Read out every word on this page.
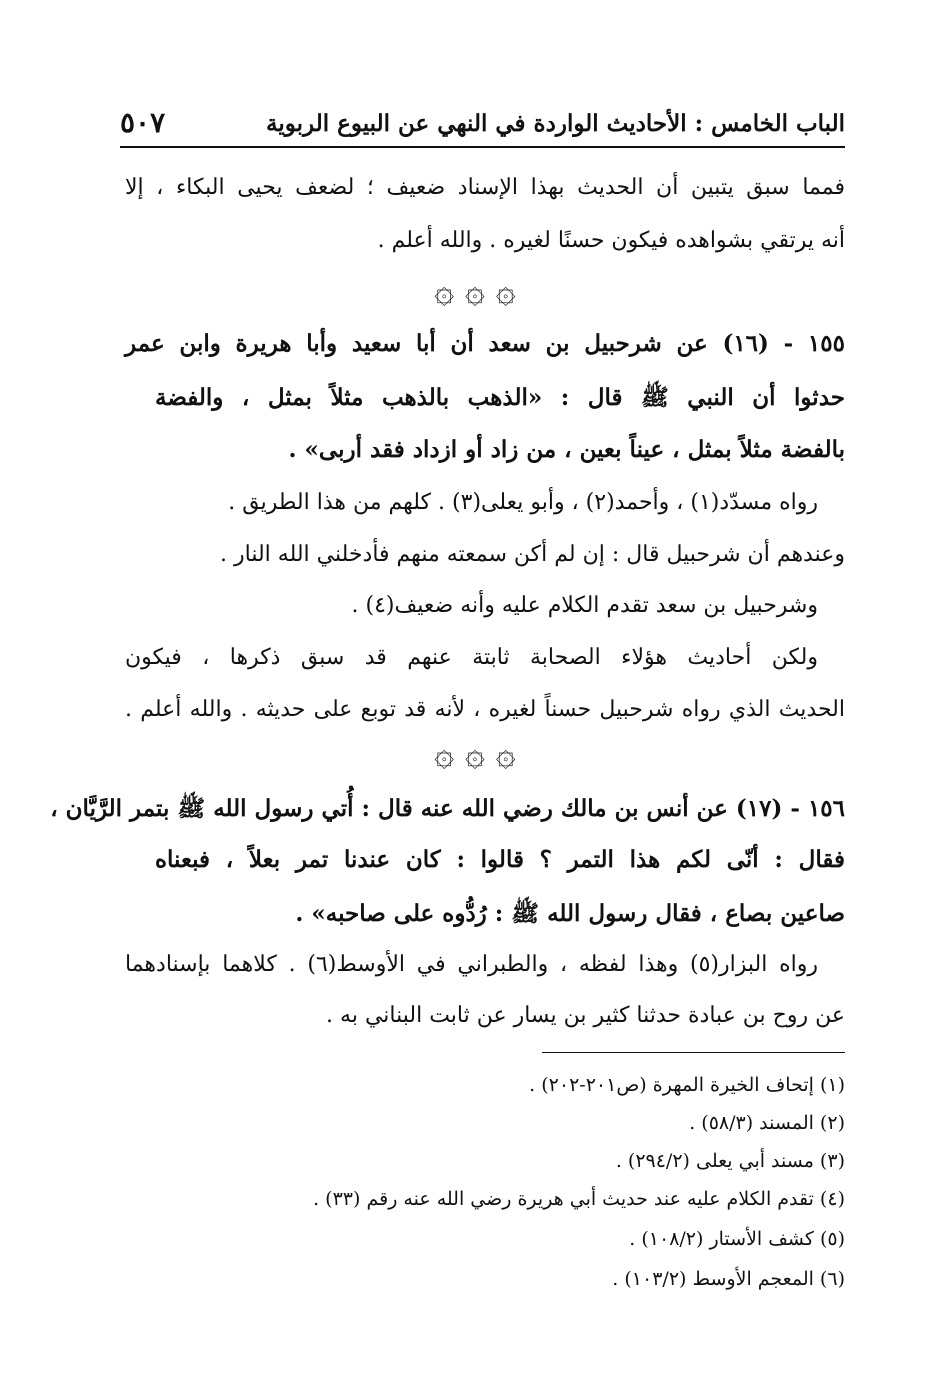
الباب الخامس : الأحاديث الواردة في النهي عن البيوع الربوية
٥٠٧
فمما سبق يتبين أن الحديث بهذا الإسناد ضعيف ؛ لضعف يحيى البكاء ، إلا
أنه يرتقي بشواهده فيكون حسنًا لغيره . والله أعلم .
۞ ۞ ۞
١٥٥ - (١٦) عن شرحبيل بن سعد أن أبا سعيد وأبا هريرة وابن عمر
حدثوا أن النبي ﷺ قال : «الذهب بالذهب مثلاً بمثل ، والفضة
بالفضة مثلاً بمثل ، عيناً بعين ، من زاد أو ازداد فقد أربى» .
رواه مسدّد(١) ، وأحمد(٢) ، وأبو يعلى(٣) . كلهم من هذا الطريق .
وعندهم أن شرحبيل قال : إن لم أكن سمعته منهم فأدخلني الله النار .
وشرحبيل بن سعد تقدم الكلام عليه وأنه ضعيف(٤) .
ولكن أحاديث هؤلاء الصحابة ثابتة عنهم قد سبق ذكرها ، فيكون
الحديث الذي رواه شرحبيل حسناً لغيره ، لأنه قد توبع على حديثه . والله أعلم .
۞ ۞ ۞
١٥٦ - (١٧) عن أنس بن مالك رضي الله عنه قال : أُتي رسول الله ﷺ بتمر الرَّيَّان ،
فقال : أنّى لكم هذا التمر ؟ قالوا : كان عندنا تمر بعلاً ، فبعناه
صاعين بصاع ، فقال رسول الله ﷺ : رُدُّوه على صاحبه» .
رواه البزار(٥) وهذا لفظه ، والطبراني في الأوسط(٦) . كلاهما بإسنادهما
عن روح بن عبادة حدثنا كثير بن يسار عن ثابت البناني به .
(١) إتحاف الخيرة المهرة (ص٢٠١-٢٠٢) .
(٢) المسند (٥٨/٣) .
(٣) مسند أبي يعلى (٢٩٤/٢) .
(٤) تقدم الكلام عليه عند حديث أبي هريرة رضي الله عنه رقم (٣٣) .
(٥) كشف الأستار (١٠٨/٢) .
(٦) المعجم الأوسط (١٠٣/٢) .
